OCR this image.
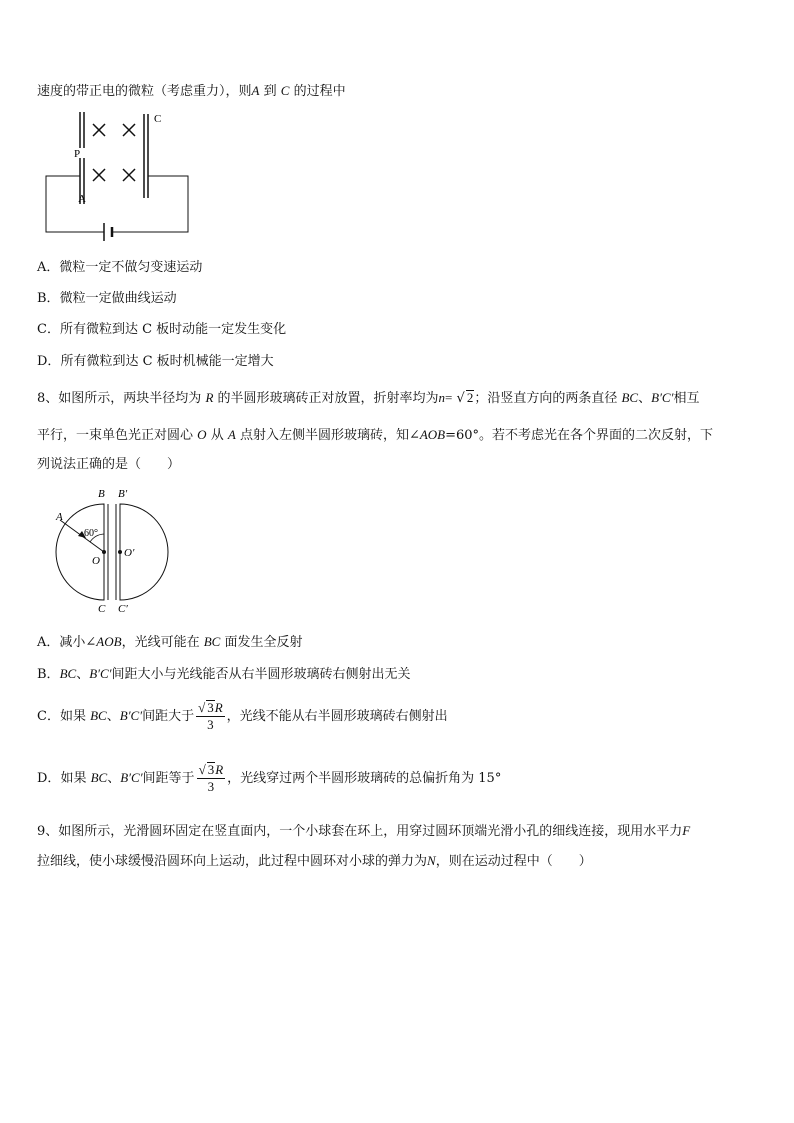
速度的带正电的微粒（考虑重力），则A 到 C 的过程中
C
P
A
A．微粒一定不做匀变速运动
B．微粒一定做曲线运动
C．所有微粒到达 C 板时动能一定发生变化
D．所有微粒到达 C 板时机械能一定增大
8、如图所示，两块半径均为 R 的半圆形玻璃砖正对放置，折射率均为n= √ 2；沿竖直方向的两条直径 BC、B′C′相互
平行，一束单色光正对圆心 O 从 A 点射入左侧半圆形玻璃砖，知∠AOB=60°。若不考虑光在各个界面的二次反射，下
列说法正确的是（　　）
B B′
A
60°
O
O′
C C′
A．减小∠AOB，光线可能在 BC 面发生全反射
B．BC、B′C′间距大小与光线能否从右半圆形玻璃砖右侧射出无关
C．如果 BC、B′C′间距大于 $\frac{√ 3R}{3}$ ，光线不能从右半圆形玻璃砖右侧射出
D．如果 BC、B′C′间距等于 $\frac{√ 3R}{3}$ ，光线穿过两个半圆形玻璃砖的总偏折角为 15°
9、如图所示，光滑圆环固定在竖直面内，一个小球套在环上，用穿过圆环顶端光滑小孔的细线连接，现用水平力F
拉细线，使小球缓慢沿圆环向上运动，此过程中圆环对小球的弹力为N，则在运动过程中（　　）
